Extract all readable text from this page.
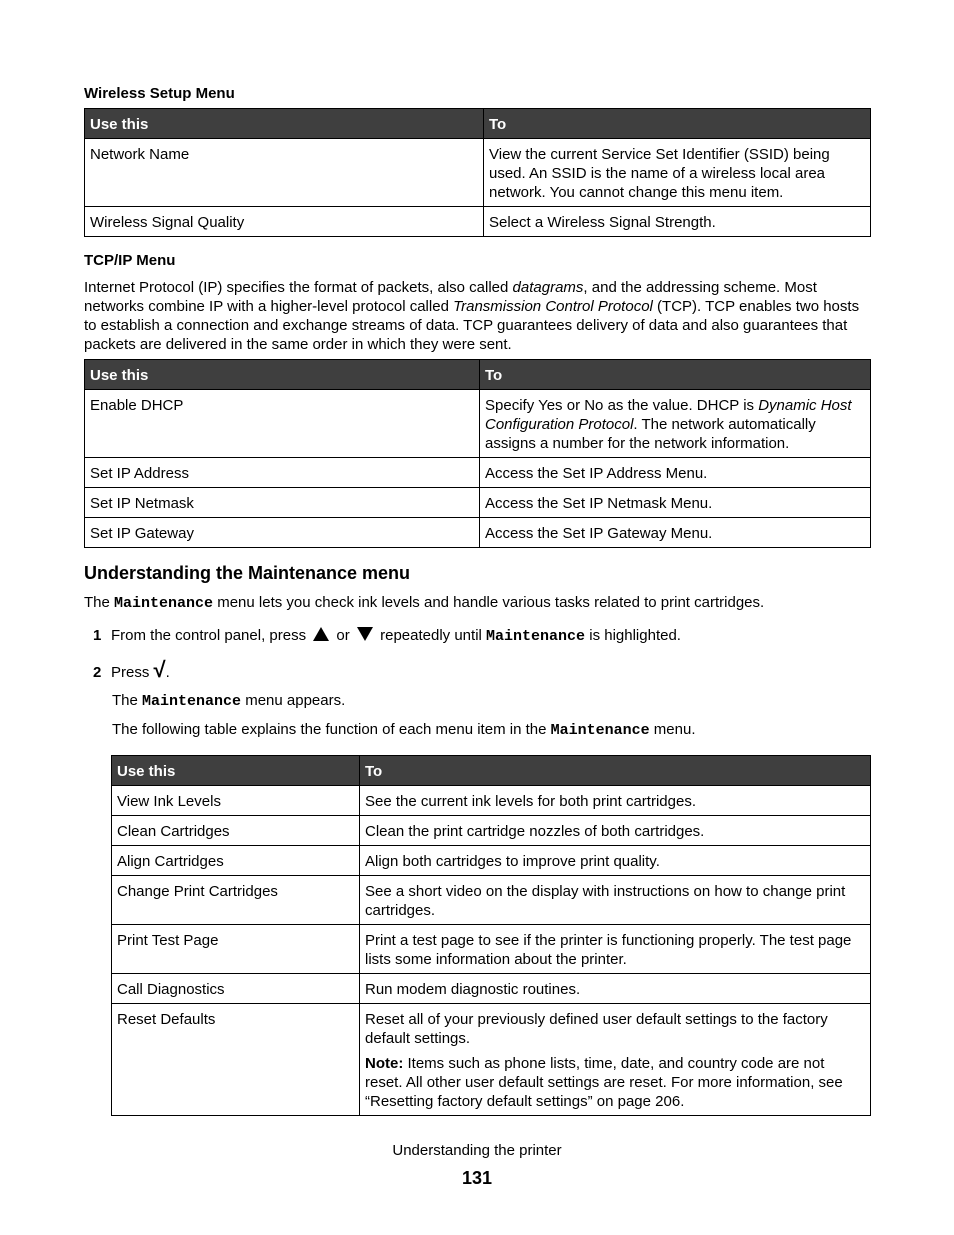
Wireless Setup Menu
Use this	To
Network Name	View the current Service Set Identifier (SSID) being used. An SSID is the name of a wireless local area network. You cannot change this menu item.
Wireless Signal Quality	Select a Wireless Signal Strength.
TCP/IP Menu
Internet Protocol (IP) specifies the format of packets, also called datagrams, and the addressing scheme. Most networks combine IP with a higher-level protocol called Transmission Control Protocol (TCP). TCP enables two hosts to establish a connection and exchange streams of data. TCP guarantees delivery of data and also guarantees that packets are delivered in the same order in which they were sent.
Use this	To
Enable DHCP	Specify Yes or No as the value. DHCP is Dynamic Host Configuration Protocol. The network automatically assigns a number for the network information.
Set IP Address	Access the Set IP Address Menu.
Set IP Netmask	Access the Set IP Netmask Menu.
Set IP Gateway	Access the Set IP Gateway Menu.
Understanding the Maintenance menu
The Maintenance menu lets you check ink levels and handle various tasks related to print cartridges.
1 From the control panel, press  or  repeatedly until Maintenance is highlighted.
2 Press √.
The Maintenance menu appears.
The following table explains the function of each menu item in the Maintenance menu.
Use this	To
View Ink Levels	See the current ink levels for both print cartridges.
Clean Cartridges	Clean the print cartridge nozzles of both cartridges.
Align Cartridges	Align both cartridges to improve print quality.
Change Print Cartridges	See a short video on the display with instructions on how to change print cartridges.
Print Test Page	Print a test page to see if the printer is functioning properly. The test page lists some information about the printer.
Call Diagnostics	Run modem diagnostic routines.
Reset Defaults	Reset all of your previously defined user default settings to the factory default settings.
Note: Items such as phone lists, time, date, and country code are not reset. All other user default settings are reset. For more information, see “Resetting factory default settings” on page 206.
Understanding the printer
131
